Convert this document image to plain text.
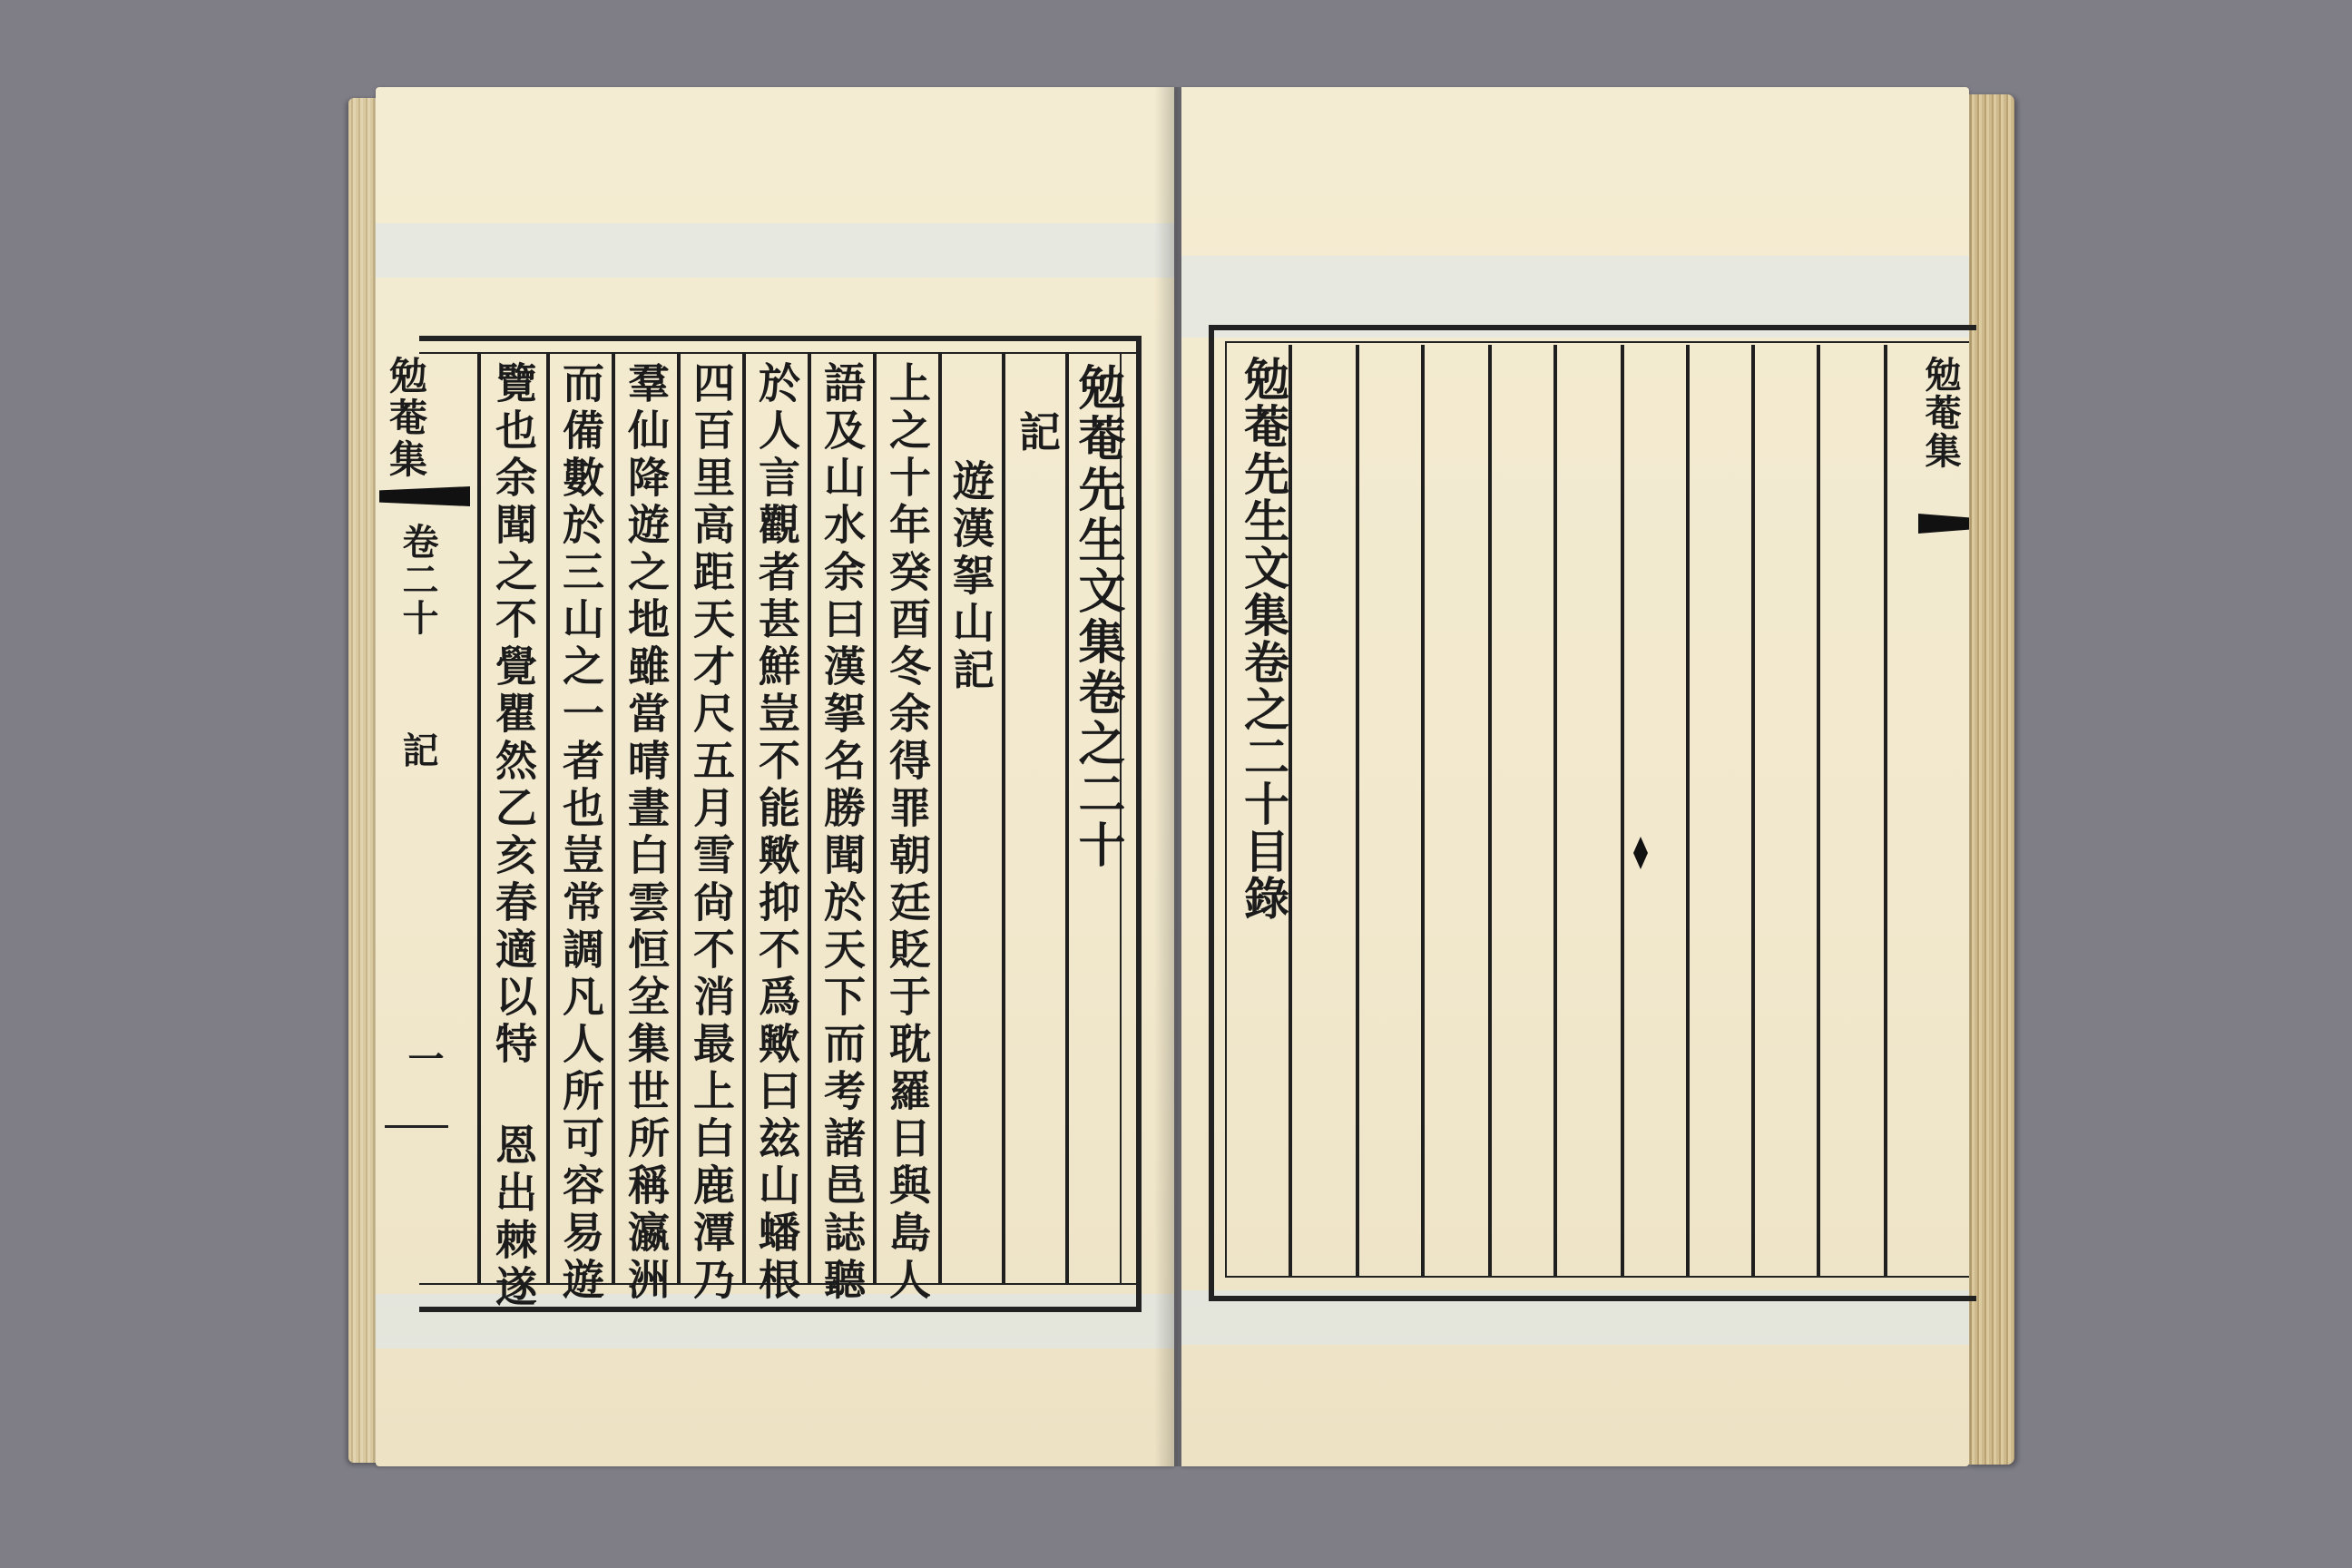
勉菴先生文集卷之二十
記
遊漢挐山記
上之十年癸酉冬余得罪朝廷貶于耽羅日與島人
語及山水余曰漢挐名勝聞於天下而考諸邑誌聽
於人言觀者甚鮮豈不能歟抑不爲歟曰玆山蟠根
四百里高距天才尺五月雪尙不消最上白鹿潭乃
羣仙降遊之地雖當晴晝白雲恒坌集世所稱瀛洲
而備數於三山之一者也豈常調凡人所可容易遊
覽也余聞之不覺瞿然乙亥春適以特 恩出棘遂
勉菴集
卷二十
記
一
勉菴先生文集卷之二十目錄	勉菴集
